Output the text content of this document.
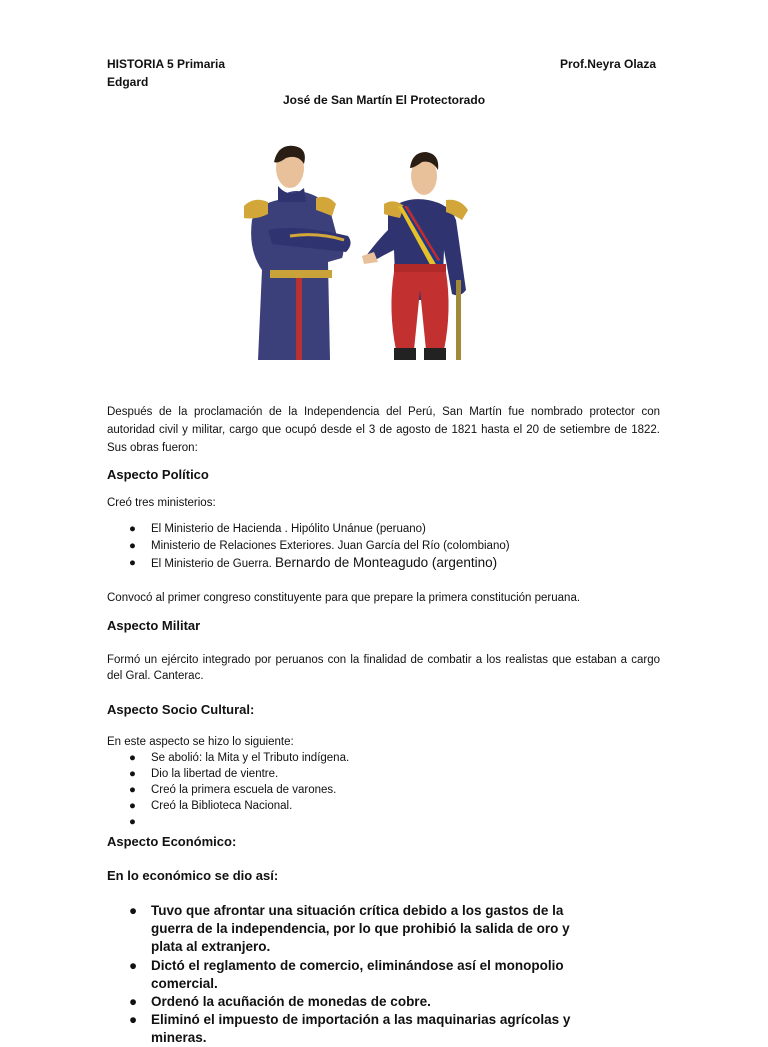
HISTORIA 5 Primaria
Edgard
Prof.Neyra Olaza
José de San Martín El Protectorado
Después de la proclamación de la Independencia del Perú, San Martín fue nombrado protector con autoridad civil y militar, cargo que ocupó desde el 3 de agosto de 1821 hasta el 20 de setiembre de 1822. Sus obras fueron:
Aspecto Político
Creó tres ministerios:
● El Ministerio de Hacienda . Hipólito Unánue (peruano)
● Ministerio de Relaciones Exteriores. Juan García del Río (colombiano)
● El Ministerio de Guerra. Bernardo de Monteagudo (argentino)
Convocó al primer congreso constituyente para que prepare la primera constitución peruana.
Aspecto Militar
Formó un ejército integrado por peruanos con la finalidad de combatir a los realistas que estaban a cargo del Gral. Canterac.
Aspecto Socio Cultural:
En este aspecto se hizo lo siguiente:
● Se abolió: la Mita y el Tributo indígena.
● Dio la libertad de vientre.
● Creó la primera escuela de varones.
● Creó la Biblioteca Nacional.
●
Aspecto Económico:
En lo económico se dio así:
● Tuvo que afrontar una situación crítica debido a los gastos de la guerra de la independencia, por lo que prohibió la salida de oro y plata al extranjero.
● Dictó el reglamento de comercio, eliminándose así el monopolio comercial.
● Ordenó la acuñación de monedas de cobre.
● Eliminó el impuesto de importación a las maquinarias agrícolas y mineras.
